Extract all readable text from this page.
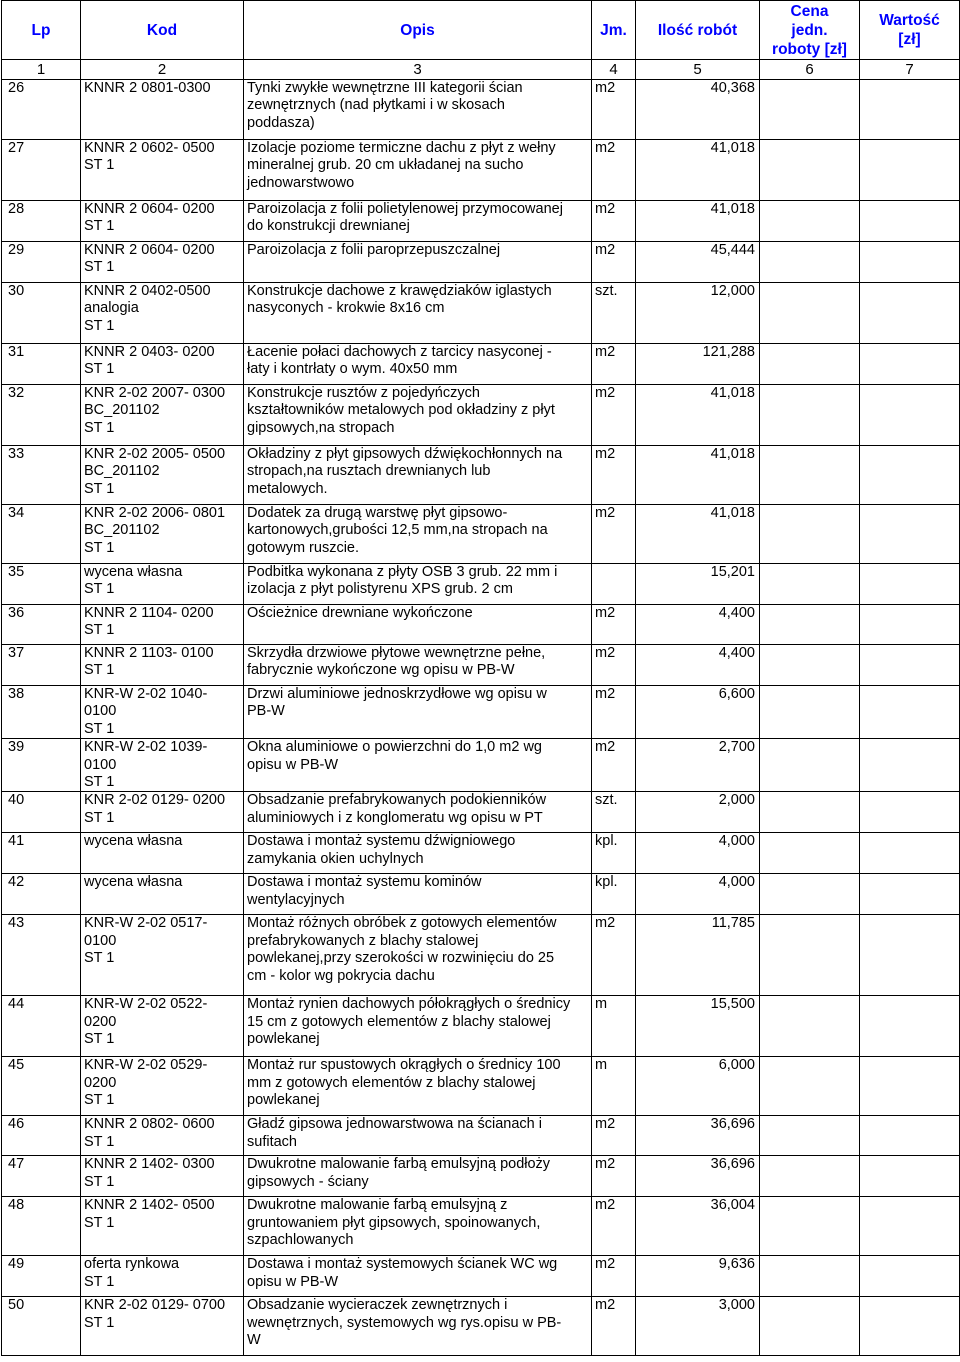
Lp	Kod	Opis	Jm.	Ilość robót	Cena
jedn.
roboty [zł]	Wartość
[zł]
1	2	3	4	5	6	7

26	KNNR 2 0801-0300	Tynki zwykłe wewnętrzne III kategorii ścian
zewnętrznych (nad płytkami i w skosach
poddasza)	m2	40,368		

27	KNNR 2 0602- 0500
ST 1	Izolacje poziome termiczne dachu z płyt z wełny
mineralnej grub. 20 cm układanej na sucho
jednowarstwowo	m2	41,018		

28	KNNR 2 0604- 0200
ST 1	Paroizolacja z folii polietylenowej przymocowanej
do konstrukcji drewnianej	m2	41,018		

29	KNNR 2 0604- 0200
ST 1	Paroizolacja z folii paroprzepuszczalnej	m2	45,444		

30	KNNR 2 0402-0500
analogia
ST 1	Konstrukcje dachowe z krawędziaków iglastych
nasyconych - krokwie 8x16 cm	szt.	12,000		

31	KNNR 2 0403- 0200
ST 1	Łacenie połaci dachowych z tarcicy nasyconej -
łaty i kontrłaty o wym. 40x50 mm	m2	121,288		

32	KNR 2-02 2007- 0300
BC_201102
ST 1	Konstrukcje rusztów z pojedyńczych
kształtowników metalowych pod okładziny z płyt
gipsowych,na stropach	m2	41,018		

33	KNR 2-02 2005- 0500
BC_201102
ST 1	Okładziny z płyt gipsowych dźwiękochłonnych na
stropach,na rusztach drewnianych lub
metalowych.	m2	41,018		

34	KNR 2-02 2006- 0801
BC_201102
ST 1	Dodatek za drugą warstwę płyt gipsowo-
kartonowych,grubości 12,5 mm,na stropach na
gotowym ruszcie.	m2	41,018		

35	wycena własna
ST 1	Podbitka wykonana z płyty OSB 3 grub. 22 mm i
izolacja z płyt polistyrenu XPS grub. 2 cm		15,201		

36	KNNR 2 1104- 0200
ST 1	Ościeżnice drewniane wykończone	m2	4,400		

37	KNNR 2 1103- 0100
ST 1	Skrzydła drzwiowe płytowe wewnętrzne pełne,
fabrycznie wykończone wg opisu w PB-W	m2	4,400		

38	KNR-W 2-02 1040-
0100
ST 1	Drzwi aluminiowe jednoskrzydłowe wg opisu w
PB-W	m2	6,600		

39	KNR-W 2-02 1039-
0100
ST 1	Okna aluminiowe o powierzchni do 1,0 m2 wg
opisu w PB-W	m2	2,700		

40	KNR 2-02 0129- 0200
ST 1	Obsadzanie prefabrykowanych podokienników
aluminiowych i z konglomeratu wg opisu w PT	szt.	2,000		

41	wycena własna	Dostawa i montaż systemu dźwigniowego
zamykania okien uchylnych	kpl.	4,000		

42	wycena własna	Dostawa i montaż systemu kominów
wentylacyjnych	kpl.	4,000		

43	KNR-W 2-02 0517-
0100
ST 1	Montaż różnych obróbek z gotowych elementów
prefabrykowanych z blachy stalowej
powlekanej,przy szerokości w rozwinięciu do 25
cm - kolor wg pokrycia dachu	m2	11,785		

44	KNR-W 2-02 0522-
0200
ST 1	Montaż rynien dachowych półokrągłych o średnicy
15 cm z gotowych elementów z blachy stalowej
powlekanej	m	15,500		

45	KNR-W 2-02 0529-
0200
ST 1	Montaż rur spustowych okrągłych o średnicy 100
mm z gotowych elementów z blachy stalowej
powlekanej	m	6,000		

46	KNNR 2 0802- 0600
ST 1	Gładź gipsowa jednowarstwowa na ścianach i
sufitach	m2	36,696		

47	KNNR 2 1402- 0300
ST 1	Dwukrotne malowanie farbą emulsyjną podłoży
gipsowych - ściany	m2	36,696		

48	KNNR 2 1402- 0500
ST 1	Dwukrotne malowanie farbą emulsyjną z
gruntowaniem płyt gipsowych, spoinowanych,
szpachlowanych	m2	36,004		

49	oferta rynkowa
ST 1	Dostawa i montaż systemowych ścianek WC wg
opisu w PB-W	m2	9,636		

50	KNR 2-02 0129- 0700
ST 1	Obsadzanie wycieraczek zewnętrznych i
wewnętrznych, systemowych wg rys.opisu w PB-
W	m2	3,000		
